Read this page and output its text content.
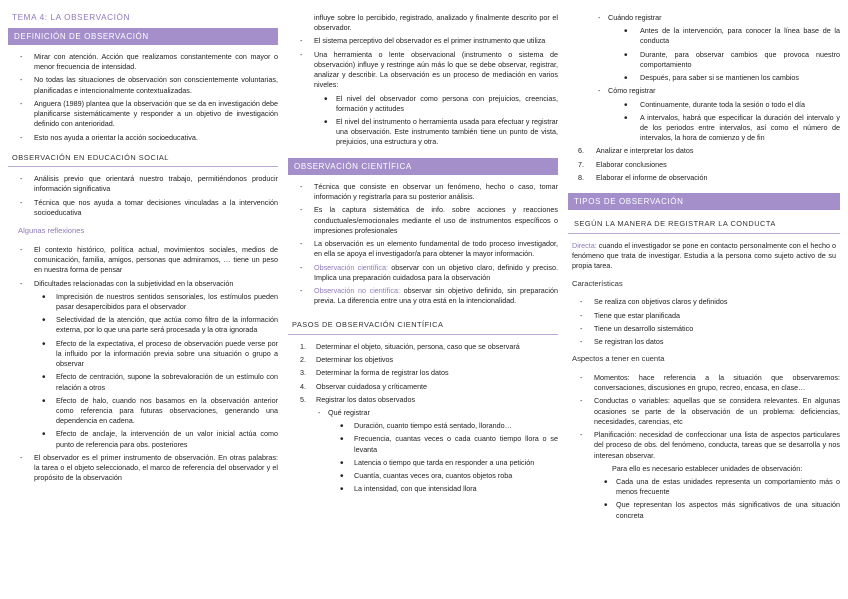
TEMA 4: LA OBSERVACIÓN
DEFINICIÓN DE OBSERVACIÓN
- Mirar con atención. Acción que realizamos constantemente con mayor o menor frecuencia de intensidad.
- No todas las situaciones de observación son conscientemente voluntarias, planificadas e intencionalmente contextualizadas.
- Anguera (1989) plantea que la observación que se da en investigación debe planificarse sistemáticamente y responder a un objetivo de investigación definido con anterioridad.
- Esto nos ayuda a orientar la acción socioeducativa.
OBSERVACIÓN EN EDUCACIÓN SOCIAL
- Análisis previo que orientará nuestro trabajo, permitiéndonos producir información significativa
- Técnica que nos ayuda a tomar decisiones vinculadas a la intervención socioeducativa
Algunas reflexiones
- El contexto histórico, política actual, movimientos sociales, medios de comunicación, familia, amigos, personas que admiramos, … tiene un peso en nuestra forma de pensar
- Dificultades relacionadas con la subjetividad en la observación
• Imprecisión de nuestros sentidos sensoriales, los estímulos pueden pasar desapercibidos para el observador
• Selectividad de la atención, que actúa como filtro de la información externa, por lo que una parte será procesada y la otra ignorada
• Efecto de la expectativa, el proceso de observación puede verse por la influido por la información previa sobre una situación o grupo a observar
• Efecto de centración, supone la sobrevaloración de un estímulo con relación a otros
• Efecto de halo, cuando nos basamos en la observación anterior como referencia para futuras observaciones, generando una dependencia en cadena.
• Efecto de anclaje, la intervención de un valor inicial actúa como punto de referencia para obs. posteriores
- El observador es el primer instrumento de observación. En otras palabras: la tarea o el objeto seleccionado, el marco de referencia del observador y el propósito de la observación
influye sobre lo percibido, registrado, analizado y finalmente descrito por el observador.
- El sistema perceptivo del observador es el primer instrumento que utiliza
- Una herramienta o lente observacional (instrumento o sistema de observación) influye y restringe aún más lo que se debe observar, registrar, analizar y describir. La observación es un proceso de mediación en varios niveles:
• El nivel del observador como persona con prejuicios, creencias, formación y actitudes
• El nivel del instrumento o herramienta usada para efectuar y registrar una observación. Este instrumento también tiene un punto de vista, prejuicios, una estructura y otra.
OBSERVACIÓN CIENTÍFICA
- Técnica que consiste en observar un fenómeno, hecho o caso, tomar información y registrarla para su posterior análisis.
- Es la captura sistemática de info. sobre acciones y reacciones conductuales/emocionales mediante el uso de instrumentos específicos o impresiones profesionales
- La observación es un elemento fundamental de todo proceso investigador, en ella se apoya el investigador/a para obtener la mayor información.
- Observación científica: observar con un objetivo claro, definido y preciso. Implica una preparación cuidadosa para la observación
- Observación no científica: observar sin objetivo definido, sin preparación previa. La diferencia entre una y otra está en la intencionalidad.
PASOS DE OBSERVACIÓN CIENTÍFICA
1. Determinar el objeto, situación, persona, caso que se observará
2. Determinar los objetivos
3. Determinar la forma de registrar los datos
4. Observar cuidadosa y críticamente
5. Registrar los datos observados
- Qué registrar
• Duración, cuanto tiempo está sentado, llorando…
• Frecuencia, cuantas veces o cada cuanto tiempo llora o se levanta
• Latencia o tiempo que tarda en responder a una petición
• Cuantía, cuantas veces ora, cuantos objetos roba
• La intensidad, con que intensidad llora
- Cuándo registrar
• Antes de la intervención, para conocer la línea base de la conducta
• Durante, para observar cambios que provoca nuestro comportamiento
• Después, para saber si se mantienen los cambios
- Cómo registrar
• Continuamente, durante toda la sesión o todo el día
• A intervalos, habrá que especificar la duración del intervalo y de los periodos entre intervalos, así como el número de intervalos, la hora de comienzo y de fin
6. Analizar e interpretar los datos
7. Elaborar conclusiones
8. Elaborar el informe de observación
TIPOS DE OBSERVACIÓN
SEGÚN LA MANERA DE REGISTRAR LA CONDUCTA
Directa: cuando el investigador se pone en contacto personalmente con el hecho o fenómeno que trata de investigar. Estudia a la persona como sujeto activo de su propia tarea.
Características
- Se realiza con objetivos claros y definidos
- Tiene que estar planificada
- Tiene un desarrollo sistemático
- Se registran los datos
Aspectos a tener en cuenta
- Momentos: hace referencia a la situación que observaremos: conversaciones, discusiones en grupo, recreo, encasa, en clase…
- Conductas o variables: aquellas que se considera relevantes. En algunas ocasiones se parte de la observación de un problema: deficiencias, necesidades, carencias, etc
- Planificación: necesidad de confeccionar una lista de aspectos particulares del proceso de obs. del fenómeno, conducta, tareas que se desarrolla y nos interesan observar.
Para ello es necesario establecer unidades de observación:
• Cada una de estas unidades representa un comportamiento más o menos frecuente
• Que representan los aspectos más significativos de una situación concreta
